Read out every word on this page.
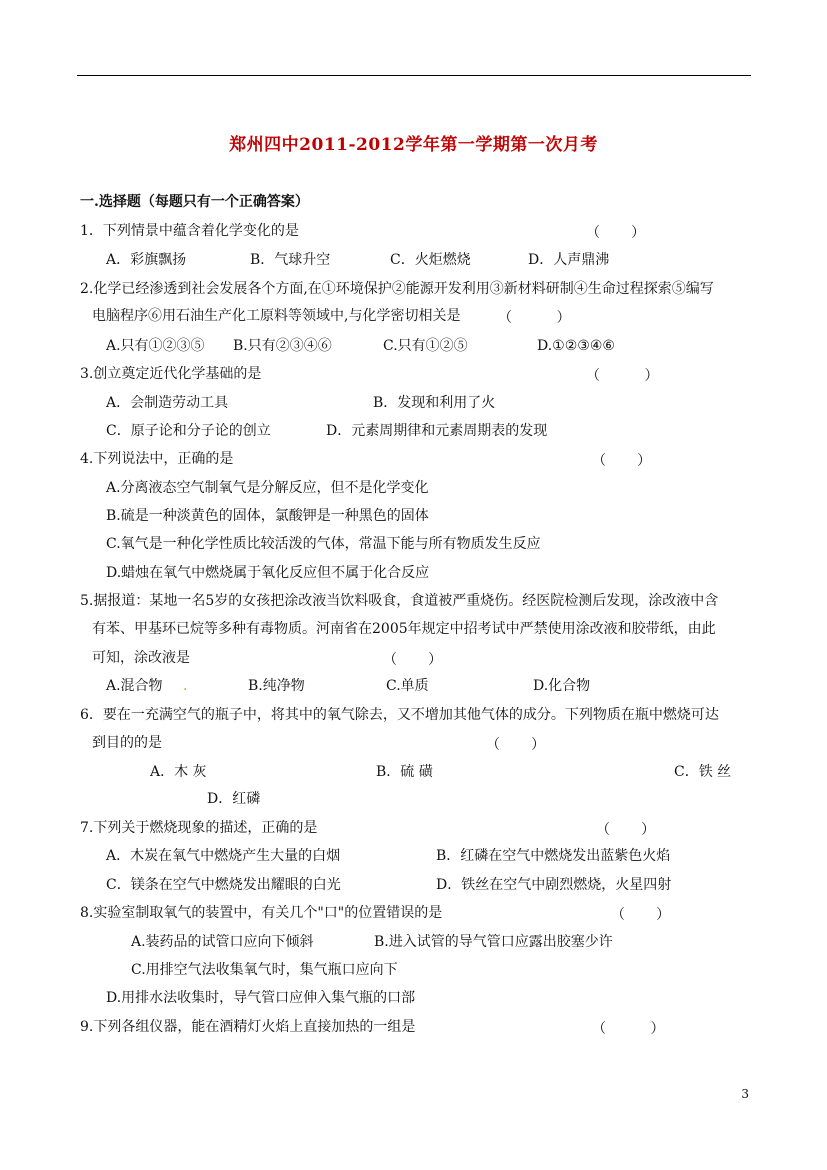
郑州四中2011-2012学年第一学期第一次月考
一.选择题（每题只有一个正确答案）
1．下列情景中蕴含着化学变化的是	（       ）
A．彩旗飘扬	B．气球升空	C．火炬燃烧	D．人声鼎沸
2.化学已经渗透到社会发展各个方面,在①环境保护②能源开发利用③新材料研制④生命过程探索⑤编写
电脑程序⑥用石油生产化工原料等领域中,与化学密切相关是	（          ）
A.只有①②③⑤ B.只有②③④⑥	C.只有①②⑤	D.①②③④⑥
3.创立奠定近代化学基础的是	（          ）
A．会制造劳动工具	B．发现和利用了火
C．原子论和分子论的创立	D．元素周期律和元素周期表的发现
4.下列说法中，正确的是	（       ）
A.分离液态空气制氧气是分解反应，但不是化学变化
B.硫是一种淡黄色的固体，氯酸钾是一种黑色的固体
C.氧气是一种化学性质比较活泼的气体，常温下能与所有物质发生反应
D.蜡烛在氧气中燃烧属于氧化反应但不属于化合反应
5.据报道：某地一名5岁的女孩把涂改液当饮料吸食，食道被严重烧伤。经医院检测后发现，涂改液中含
有苯、甲基环已烷等多种有毒物质。河南省在2005年规定中招考试中严禁使用涂改液和胶带纸，由此
可知，涂改液是	（       ）
A.混合物 .	B.纯净物	C.单质	D.化合物
6．要在一充满空气的瓶子中，将其中的氧气除去，又不增加其他气体的成分。下列物质在瓶中燃烧可达
到目的的是	（       ）
A．木 灰	B．硫 磺	C．铁 丝
D．红磷
7.下列关于燃烧现象的描述，正确的是	（       ）
A．木炭在氧气中燃烧产生大量的白烟	B．红磷在空气中燃烧发出蓝紫色火焰
C．镁条在空气中燃烧发出耀眼的白光	D．铁丝在空气中剧烈燃烧，火星四射
8.实验室制取氧气的装置中，有关几个"口"的位置错误的是	（       ）
A.装药品的试管口应向下倾斜	B.进入试管的导气管口应露出胶塞少许
C.用排空气法收集氧气时，集气瓶口应向下
D.用排水法收集时，导气管口应伸入集气瓶的口部
9.下列各组仪器，能在酒精灯火焰上直接加热的一组是	（          ）
3
